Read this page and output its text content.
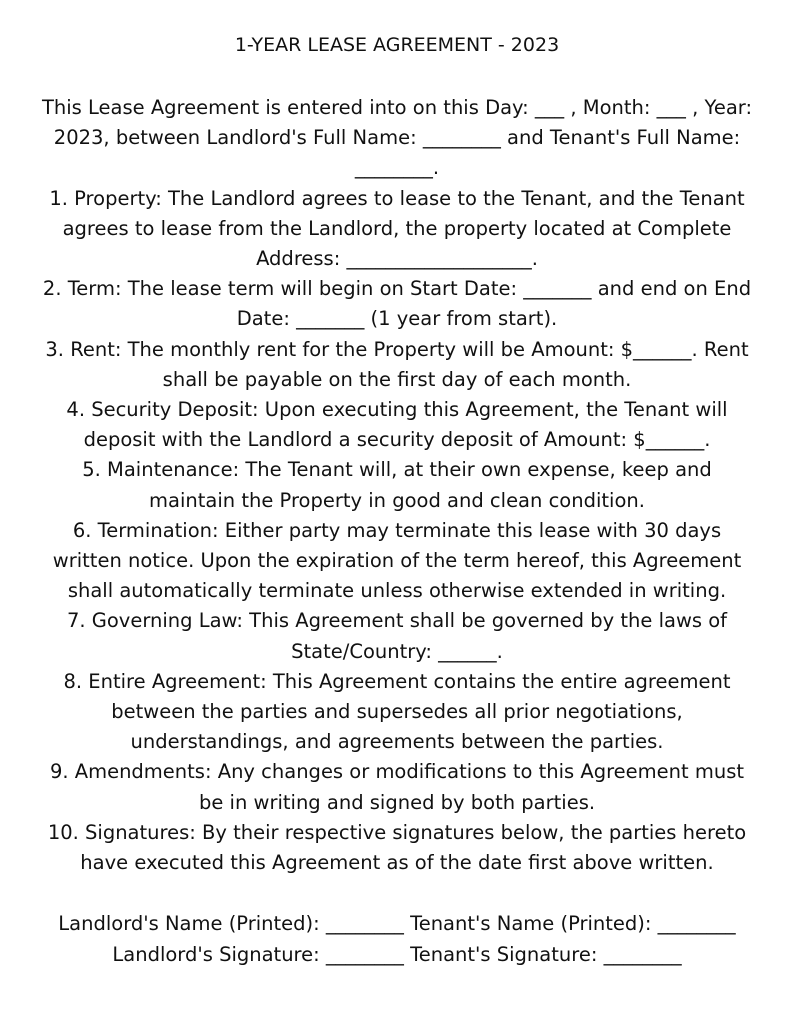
1-YEAR LEASE AGREEMENT - 2023
This Lease Agreement is entered into on this Day: ___ , Month: ___ , Year:
2023, between Landlord's Full Name: ________ and Tenant's Full Name:
________.
1. Property: The Landlord agrees to lease to the Tenant, and the Tenant
agrees to lease from the Landlord, the property located at Complete
Address: ___________________.
2. Term: The lease term will begin on Start Date: _______ and end on End
Date: _______ (1 year from start).
3. Rent: The monthly rent for the Property will be Amount: $______. Rent
shall be payable on the first day of each month.
4. Security Deposit: Upon executing this Agreement, the Tenant will
deposit with the Landlord a security deposit of Amount: $______.
5. Maintenance: The Tenant will, at their own expense, keep and
maintain the Property in good and clean condition.
6. Termination: Either party may terminate this lease with 30 days
written notice. Upon the expiration of the term hereof, this Agreement
shall automatically terminate unless otherwise extended in writing.
7. Governing Law: This Agreement shall be governed by the laws of
State/Country: ______.
8. Entire Agreement: This Agreement contains the entire agreement
between the parties and supersedes all prior negotiations,
understandings, and agreements between the parties.
9. Amendments: Any changes or modifications to this Agreement must
be in writing and signed by both parties.
10. Signatures: By their respective signatures below, the parties hereto
have executed this Agreement as of the date first above written.
Landlord's Name (Printed): ________ Tenant's Name (Printed): ________
Landlord's Signature: ________ Tenant's Signature: ________
